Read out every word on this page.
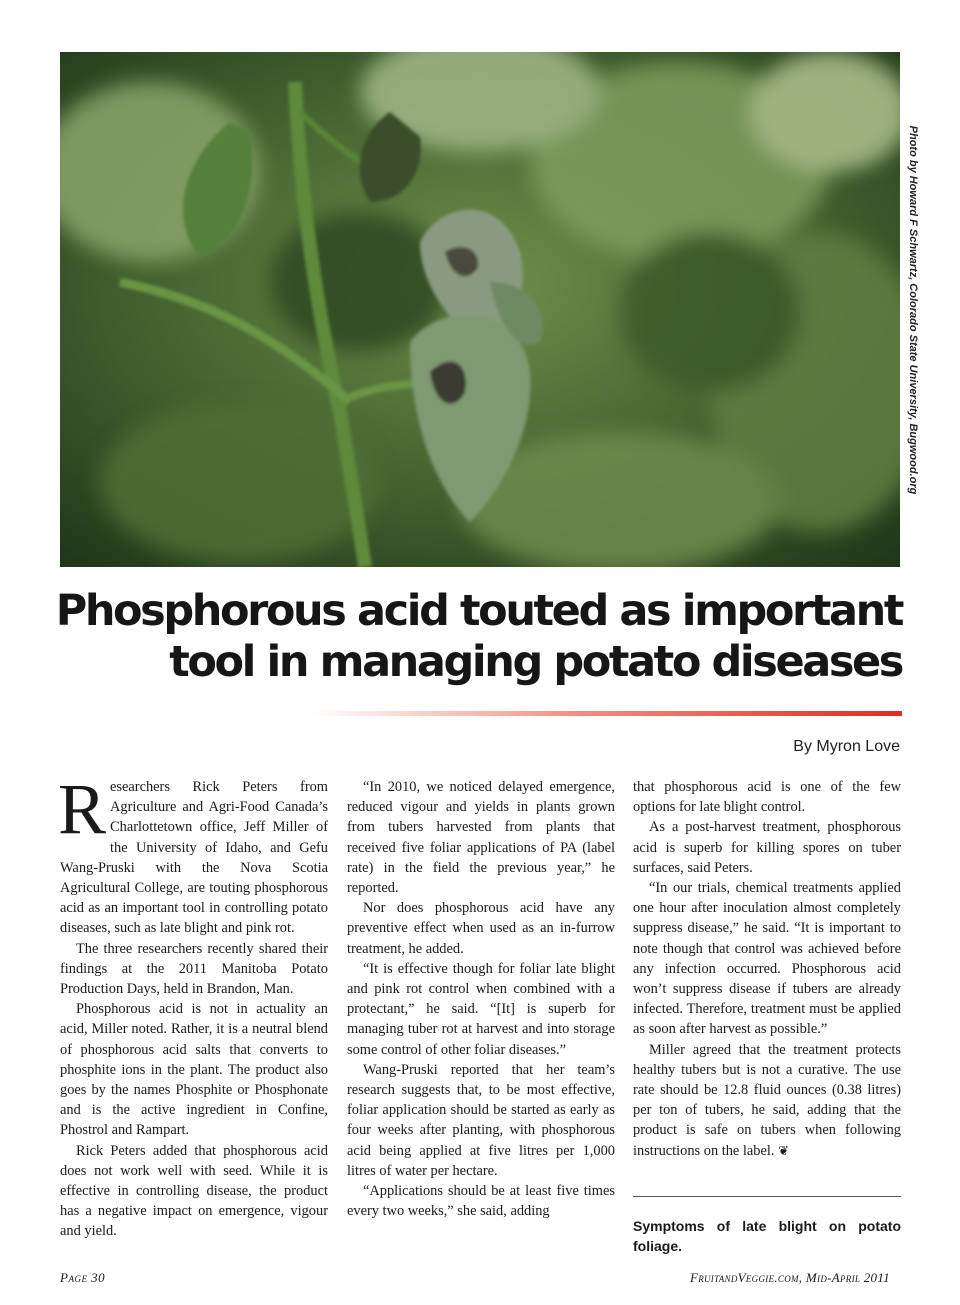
Photo by Howard F Schwartz, Colorado State University, Bugwood.org
Phosphorous acid touted as important
tool in managing potato diseases
By Myron Love

Researchers Rick Peters from Agriculture and Agri-Food Canada’s Charlottetown office, Jeff Miller of the University of Idaho, and Gefu Wang-Pruski with the Nova Scotia Agricultural College, are touting phosphorous acid as an important tool in controlling potato diseases, such as late blight and pink rot.

The three researchers recently shared their findings at the 2011 Manitoba Potato Production Days, held in Brandon, Man.

Phosphorous acid is not in actuality an acid, Miller noted. Rather, it is a neutral blend of phosphorous acid salts that converts to phosphite ions in the plant. The product also goes by the names Phosphite or Phosphonate and is the active ingredient in Confine, Phostrol and Rampart.

Rick Peters added that phosphorous acid does not work well with seed. While it is effective in controlling disease, the product has a negative impact on emergence, vigour and yield.

“In 2010, we noticed delayed emergence, reduced vigour and yields in plants grown from tubers harvested from plants that received five foliar applications of PA (label rate) in the field the previous year,” he reported.

Nor does phosphorous acid have any preventive effect when used as an in-furrow treatment, he added.

“It is effective though for foliar late blight and pink rot control when combined with a protectant,” he said. “[It] is superb for managing tuber rot at harvest and into storage some control of other foliar diseases.”

Wang-Pruski reported that her team’s research suggests that, to be most effective, foliar application should be started as early as four weeks after planting, with phosphorous acid being applied at five litres per 1,000 litres of water per hectare.

“Applications should be at least five times every two weeks,” she said, adding

that phosphorous acid is one of the few options for late blight control.

As a post-harvest treatment, phosphorous acid is superb for killing spores on tuber surfaces, said Peters.

“In our trials, chemical treatments applied one hour after inoculation almost completely suppress disease,” he said. “It is important to note though that control was achieved before any infection occurred. Phosphorous acid won’t suppress disease if tubers are already infected. Therefore, treatment must be applied as soon after harvest as possible.”

Miller agreed that the treatment protects healthy tubers but is not a curative. The use rate should be 12.8 fluid ounces (0.38 litres) per ton of tubers, he said, adding that the product is safe on tubers when following instructions on the label. ❦

Symptoms of late blight on potato foliage.
Page 30	FruitandVeggie.com, Mid-April 2011
